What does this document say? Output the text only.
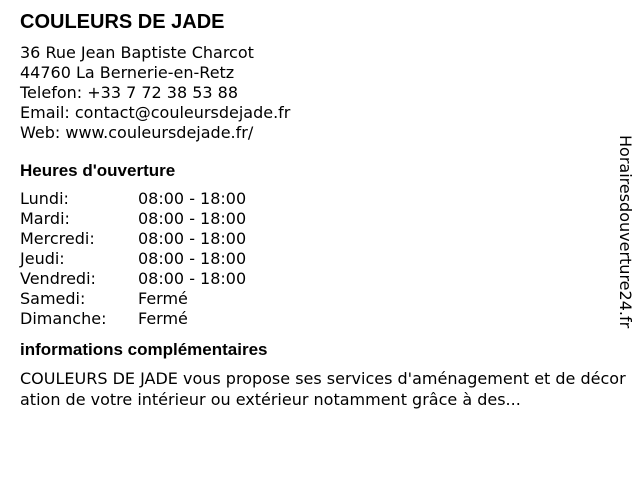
COULEURS DE JADE
36 Rue Jean Baptiste Charcot
44760 La Bernerie-en-Retz
Telefon: +33 7 72 38 53 88
Email: contact@couleursdejade.fr
Web: www.couleursdejade.fr/
Heures d'ouverture
Lundi:	08:00 - 18:00
Mardi:	08:00 - 18:00
Mercredi:	08:00 - 18:00
Jeudi:	08:00 - 18:00
Vendredi:	08:00 - 18:00
Samedi:	Fermé
Dimanche:	Fermé
informations complémentaires
COULEURS DE JADE vous propose ses services d'aménagement et de décoration de votre intérieur ou extérieur notamment grâce à des...
Horairesdouverture24.fr
